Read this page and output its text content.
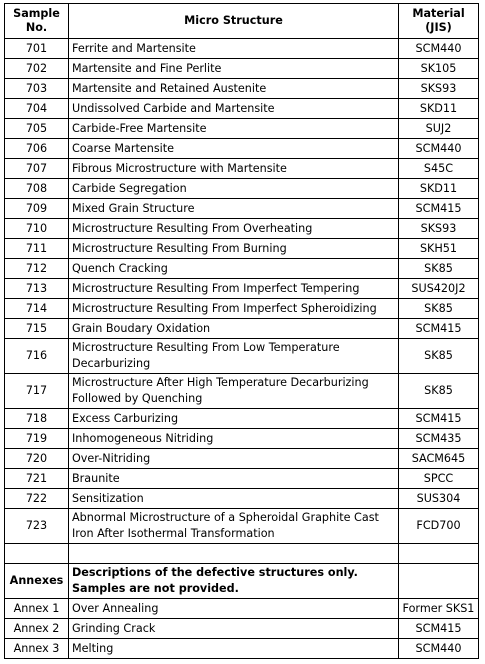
Sample No.	Micro Structure	Material (JIS)
701	Ferrite and Martensite	SCM440
702	Martensite and Fine Perlite	SK105
703	Martensite and Retained Austenite	SKS93
704	Undissolved Carbide and Martensite	SKD11
705	Carbide-Free Martensite	SUJ2
706	Coarse Martensite	SCM440
707	Fibrous Microstructure with Martensite	S45C
708	Carbide Segregation	SKD11
709	Mixed Grain Structure	SCM415
710	Microstructure Resulting From Overheating	SKS93
711	Microstructure Resulting From Burning	SKH51
712	Quench Cracking	SK85
713	Microstructure Resulting From Imperfect Tempering	SUS420J2
714	Microstructure Resulting From Imperfect Spheroidizing	SK85
715	Grain Boudary Oxidation	SCM415
716	Microstructure Resulting From Low Temperature Decarburizing	SK85
717	Microstructure After High Temperature Decarburizing Followed by Quenching	SK85
718	Excess Carburizing	SCM415
719	Inhomogeneous Nitriding	SCM435
720	Over-Nitriding	SACM645
721	Braunite	SPCC
722	Sensitization	SUS304
723	Abnormal Microstructure of a Spheroidal Graphite Cast Iron After Isothermal Transformation	FCD700

Annexes	Descriptions of the defective structures only. Samples are not provided.	
Annex 1	Over Annealing	Former SKS1
Annex 2	Grinding Crack	SCM415
Annex 3	Melting	SCM440
